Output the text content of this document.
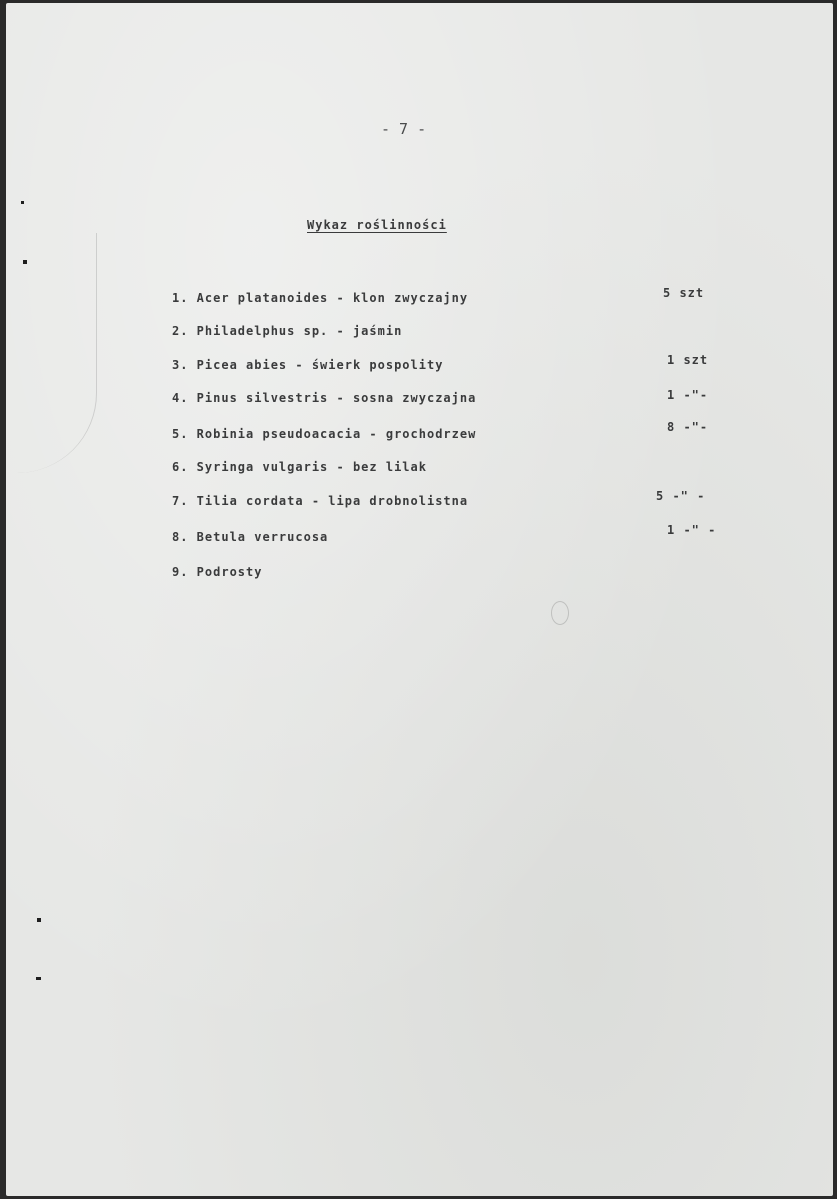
- 7 -
Wykaz roślinności
1. Acer platanoides - klon zwyczajny	5 szt
2. Philadelphus sp. - jaśmin
3. Picea abies - świerk pospolity	1 szt
4. Pinus silvestris - sosna zwyczajna	1 -"-
5. Robinia pseudoacacia - grochodrzew	8 -"-
6. Syringa vulgaris - bez lilak
7. Tilia cordata - lipa drobnolistna	5 -" -
8. Betula verrucosa	1 -" -
9. Podrosty
